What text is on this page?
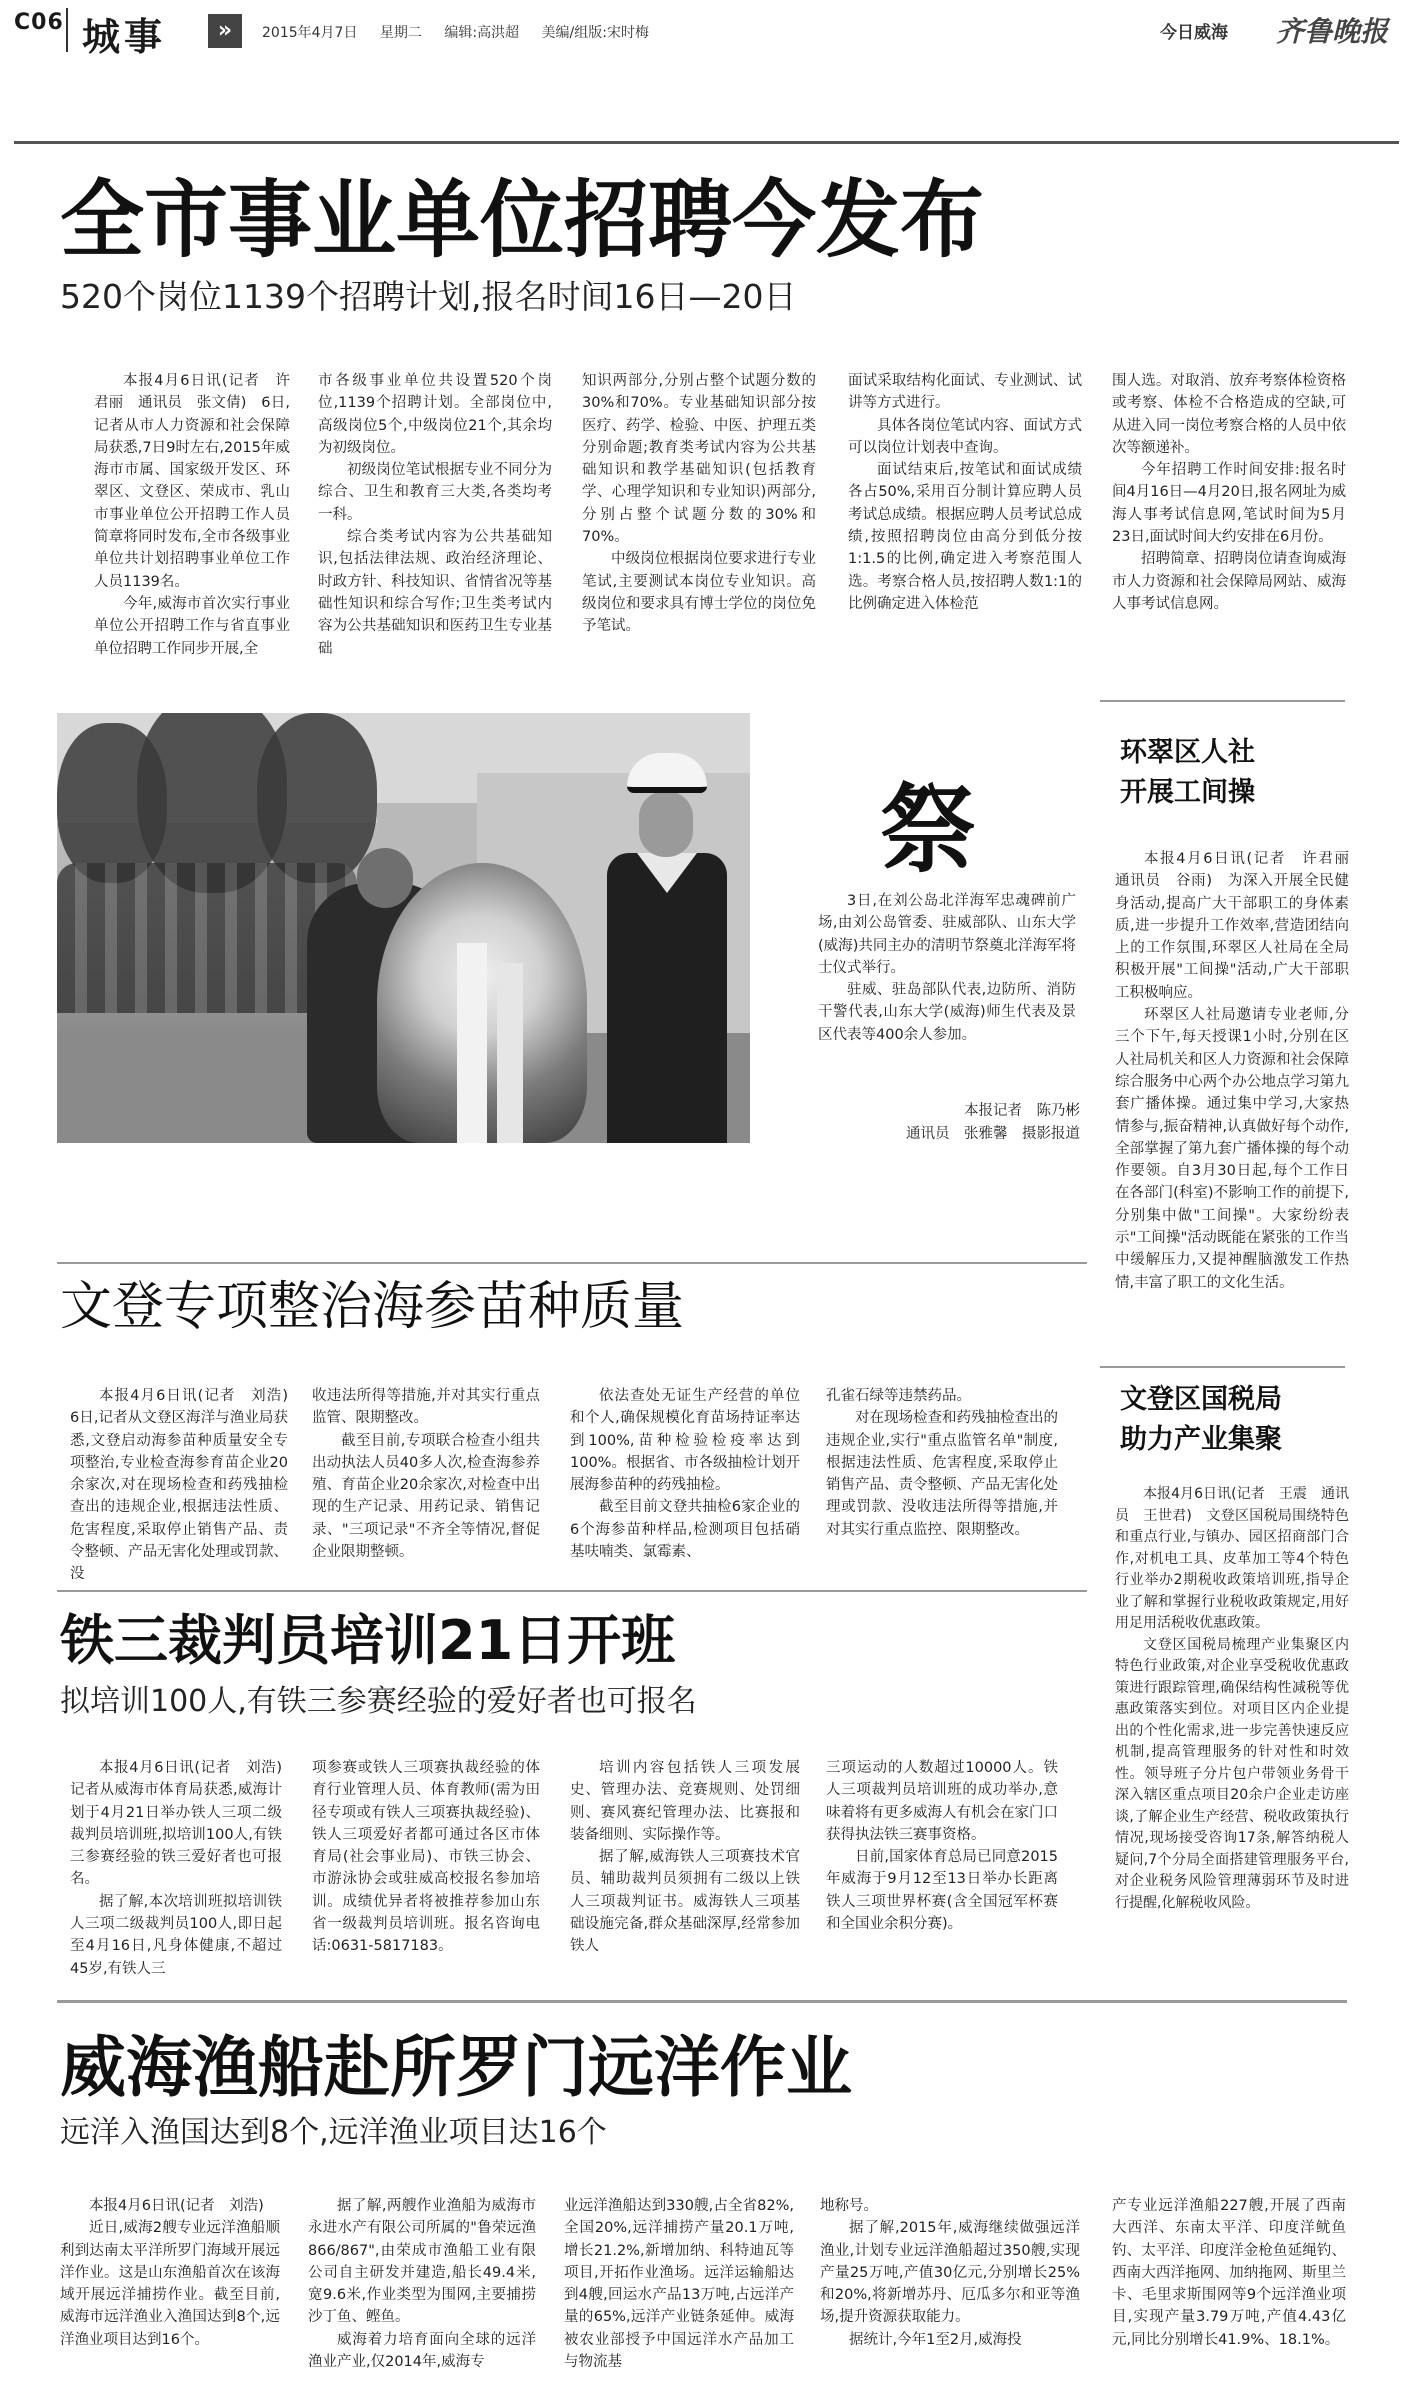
C06 城事	»	2015年4月7日 星期二 编辑:高洪超 美编/组版:宋时梅	今日威海 齐鲁晚报
全市事业单位招聘今发布
520个岗位1139个招聘计划,报名时间16日—20日

本报4月6日讯(记者　许君丽　通讯员　张文倩)　6日,记者从市人力资源和社会保障局获悉,7日9时左右,2015年威海市市属、国家级开发区、环翠区、文登区、荣成市、乳山市事业单位公开招聘工作人员简章将同时发布,全市各级事业单位共计划招聘事业单位工作人员1139名。

今年,威海市首次实行事业单位公开招聘工作与省直事业单位招聘工作同步开展,全

市各级事业单位共设置520个岗位,1139个招聘计划。全部岗位中,高级岗位5个,中级岗位21个,其余均为初级岗位。

初级岗位笔试根据专业不同分为综合、卫生和教育三大类,各类均考一科。

综合类考试内容为公共基础知识,包括法律法规、政治经济理论、时政方针、科技知识、省情省况等基础性知识和综合写作;卫生类考试内容为公共基础知识和医药卫生专业基础

知识两部分,分别占整个试题分数的30%和70%。专业基础知识部分按医疗、药学、检验、中医、护理五类分别命题;教育类考试内容为公共基础知识和教学基础知识(包括教育学、心理学知识和专业知识)两部分,分别占整个试题分数的30%和70%。

中级岗位根据岗位要求进行专业笔试,主要测试本岗位专业知识。高级岗位和要求具有博士学位的岗位免予笔试。

面试采取结构化面试、专业测试、试讲等方式进行。

具体各岗位笔试内容、面试方式可以岗位计划表中查询。

面试结束后,按笔试和面试成绩各占50%,采用百分制计算应聘人员考试总成绩。根据应聘人员考试总成绩,按照招聘岗位由高分到低分按1:1.5的比例,确定进入考察范围人选。考察合格人员,按招聘人数1:1的比例确定进入体检范

围人选。对取消、放弃考察体检资格或考察、体检不合格造成的空缺,可从进入同一岗位考察合格的人员中依次等额递补。

今年招聘工作时间安排:报名时间4月16日—4月20日,报名网址为威海人事考试信息网,笔试时间为5月23日,面试时间大约安排在6月份。

招聘简章、招聘岗位请查询威海市人力资源和社会保障局网站、威海人事考试信息网。

祭

3日,在刘公岛北洋海军忠魂碑前广场,由刘公岛管委、驻威部队、山东大学(威海)共同主办的清明节祭奠北洋海军将士仪式举行。

驻威、驻岛部队代表,边防所、消防干警代表,山东大学(威海)师生代表及景区代表等400余人参加。

本报记者　陈乃彬
通讯员　张雅馨　摄影报道
环翠区人社
开展工间操

本报4月6日讯(记者　许君丽　通讯员　谷雨)　为深入开展全民健身活动,提高广大干部职工的身体素质,进一步提升工作效率,营造团结向上的工作氛围,环翠区人社局在全局积极开展"工间操"活动,广大干部职工积极响应。

环翠区人社局邀请专业老师,分三个下午,每天授课1小时,分别在区人社局机关和区人力资源和社会保障综合服务中心两个办公地点学习第九套广播体操。通过集中学习,大家热情参与,振奋精神,认真做好每个动作,全部掌握了第九套广播体操的每个动作要领。自3月30日起,每个工作日在各部门(科室)不影响工作的前提下,分别集中做"工间操"。大家纷纷表示"工间操"活动既能在紧张的工作当中缓解压力,又提神醒脑激发工作热情,丰富了职工的文化生活。

文登专项整治海参苗种质量

本报4月6日讯(记者　刘浩)　6日,记者从文登区海洋与渔业局获悉,文登启动海参苗种质量安全专项整治,专业检查海参育苗企业20余家次,对在现场检查和药残抽检查出的违规企业,根据违法性质、危害程度,采取停止销售产品、责令整顿、产品无害化处理或罚款、没

收违法所得等措施,并对其实行重点监管、限期整改。

截至目前,专项联合检查小组共出动执法人员40多人次,检查海参养殖、育苗企业20余家次,对检查中出现的生产记录、用药记录、销售记录、"三项记录"不齐全等情况,督促企业限期整顿。

依法查处无证生产经营的单位和个人,确保规模化育苗场持证率达到100%,苗种检验检疫率达到100%。根据省、市各级抽检计划开展海参苗种的药残抽检。

截至目前文登共抽检6家企业的6个海参苗种样品,检测项目包括硝基呋喃类、氯霉素、

孔雀石绿等违禁药品。

对在现场检查和药残抽检查出的违规企业,实行"重点监管名单"制度,根据违法性质、危害程度,采取停止销售产品、责令整顿、产品无害化处理或罚款、没收违法所得等措施,并对其实行重点监控、限期整改。

铁三裁判员培训21日开班
拟培训100人,有铁三参赛经验的爱好者也可报名

本报4月6日讯(记者　刘浩)　记者从威海市体育局获悉,威海计划于4月21日举办铁人三项二级裁判员培训班,拟培训100人,有铁三参赛经验的铁三爱好者也可报名。

据了解,本次培训班拟培训铁人三项二级裁判员100人,即日起至4月16日,凡身体健康,不超过45岁,有铁人三

项参赛或铁人三项赛执裁经验的体育行业管理人员、体育教师(需为田径专项或有铁人三项赛执裁经验)、铁人三项爱好者都可通过各区市体育局(社会事业局)、市铁三协会、市游泳协会或驻威高校报名参加培训。成绩优异者将被推荐参加山东省一级裁判员培训班。报名咨询电话:0631-5817183。

培训内容包括铁人三项发展史、管理办法、竞赛规则、处罚细则、赛风赛纪管理办法、比赛报和装备细则、实际操作等。

据了解,威海铁人三项赛技术官员、辅助裁判员须拥有二级以上铁人三项裁判证书。威海铁人三项基础设施完备,群众基础深厚,经常参加铁人

三项运动的人数超过10000人。铁人三项裁判员培训班的成功举办,意味着将有更多威海人有机会在家门口获得执法铁三赛事资格。

日前,国家体育总局已同意2015年威海于9月12至13日举办长距离铁人三项世界杯赛(含全国冠军杯赛和全国业余积分赛)。

文登区国税局
助力产业集聚

本报4月6日讯(记者　王震　通讯员　王世君)　文登区国税局围绕特色和重点行业,与镇办、园区招商部门合作,对机电工具、皮革加工等4个特色行业举办2期税收政策培训班,指导企业了解和掌握行业税收政策规定,用好用足用活税收优惠政策。

文登区国税局梳理产业集聚区内特色行业政策,对企业享受税收优惠政策进行跟踪管理,确保结构性减税等优惠政策落实到位。对项目区内企业提出的个性化需求,进一步完善快速反应机制,提高管理服务的针对性和时效性。领导班子分片包户带领业务骨干深入辖区重点项目20余户企业走访座谈,了解企业生产经营、税收政策执行情况,现场接受咨询17条,解答纳税人疑问,7个分局全面搭建管理服务平台,对企业税务风险管理薄弱环节及时进行提醒,化解税收风险。

威海渔船赴所罗门远洋作业
远洋入渔国达到8个,远洋渔业项目达16个

本报4月6日讯(记者　刘浩)

近日,威海2艘专业远洋渔船顺利到达南太平洋所罗门海域开展远洋作业。这是山东渔船首次在该海域开展远洋捕捞作业。截至目前,威海市远洋渔业入渔国达到8个,远洋渔业项目达到16个。

据了解,两艘作业渔船为威海市永进水产有限公司所属的"鲁荣远渔866/867",由荣成市渔船工业有限公司自主研发并建造,船长49.4米,宽9.6米,作业类型为围网,主要捕捞沙丁鱼、鲣鱼。

威海着力培育面向全球的远洋渔业产业,仅2014年,威海专

业远洋渔船达到330艘,占全省82%,全国20%,远洋捕捞产量20.1万吨,增长21.2%,新增加纳、科特迪瓦等项目,开拓作业渔场。远洋运输船达到4艘,回运水产品13万吨,占远洋产量的65%,远洋产业链条延伸。威海被农业部授予中国远洋水产品加工与物流基

地称号。

据了解,2015年,威海继续做强远洋渔业,计划专业远洋渔船超过350艘,实现产量25万吨,产值30亿元,分别增长25%和20%,将新增苏丹、厄瓜多尔和亚等渔场,提升资源获取能力。

据统计,今年1至2月,威海投

产专业远洋渔船227艘,开展了西南大西洋、东南太平洋、印度洋鱿鱼钓、太平洋、印度洋金枪鱼延绳钓、西南大西洋拖网、加纳拖网、斯里兰卡、毛里求斯围网等9个远洋渔业项目,实现产量3.79万吨,产值4.43亿元,同比分别增长41.9%、18.1%。
